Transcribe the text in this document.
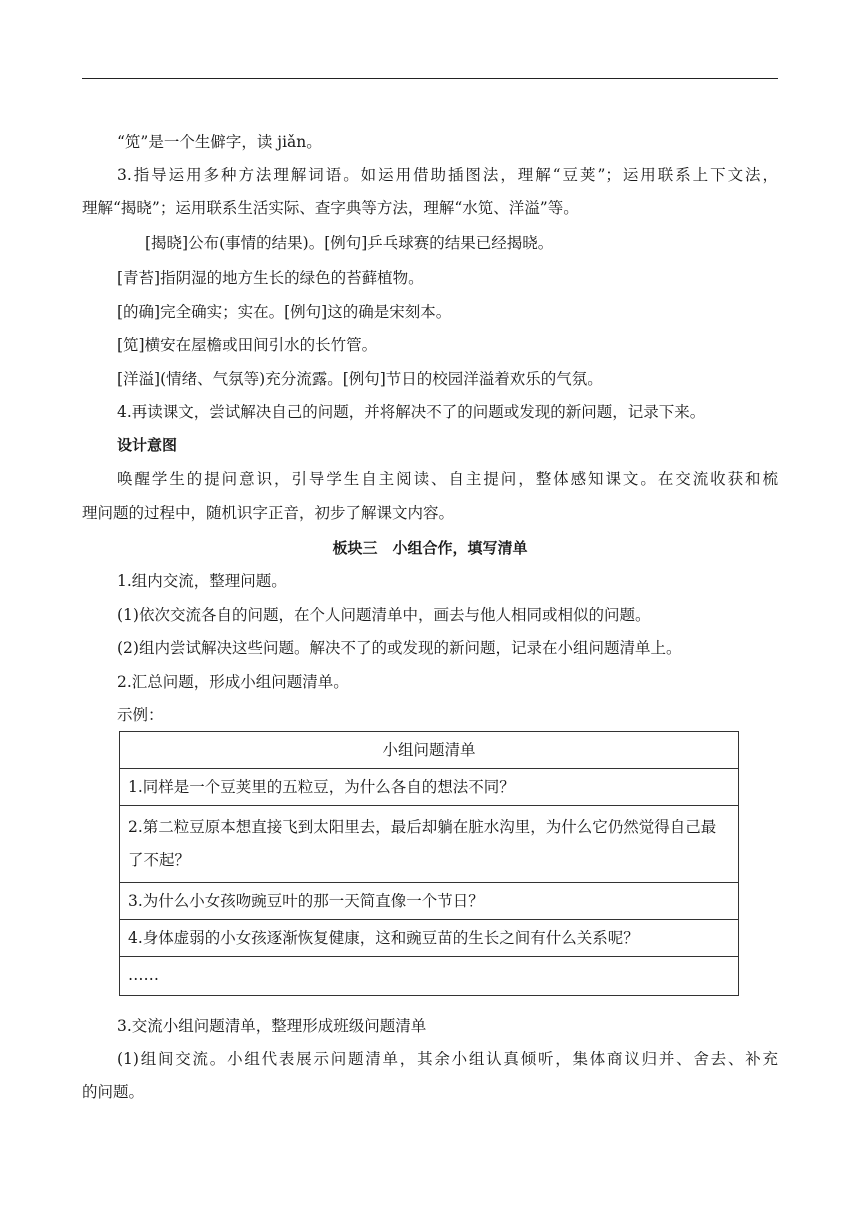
“笕”是一个生僻字，读 jiǎn。
3.指导运用多种方法理解词语。如运用借助插图法，理解“豆荚”；运用联系上下文法，
理解“揭晓”；运用联系生活实际、查字典等方法，理解“水笕、洋溢”等。
[揭晓]公布(事情的结果)。[例句]乒乓球赛的结果已经揭晓。
[青苔]指阴湿的地方生长的绿色的苔藓植物。
[的确]完全确实；实在。[例句]这的确是宋刻本。
[笕]横安在屋檐或田间引水的长竹管。
[洋溢](情绪、气氛等)充分流露。[例句]节日的校园洋溢着欢乐的气氛。
4.再读课文，尝试解决自己的问题，并将解决不了的问题或发现的新问题，记录下来。
设计意图
唤醒学生的提问意识，引导学生自主阅读、自主提问，整体感知课文。在交流收获和梳
理问题的过程中，随机识字正音，初步了解课文内容。
板块三　小组合作，填写清单
1.组内交流，整理问题。
(1)依次交流各自的问题，在个人问题清单中，画去与他人相同或相似的问题。
(2)组内尝试解决这些问题。解决不了的或发现的新问题，记录在小组问题清单上。
2.汇总问题，形成小组问题清单。
示例：
小组问题清单
1.同样是一个豆荚里的五粒豆，为什么各自的想法不同？
2.第二粒豆原本想直接飞到太阳里去，最后却躺在脏水沟里，为什么它仍然觉得自己最了不起？
3.为什么小女孩吻豌豆叶的那一天简直像一个节日？
4.身体虚弱的小女孩逐渐恢复健康，这和豌豆苗的生长之间有什么关系呢？
……
3.交流小组问题清单，整理形成班级问题清单
(1)组间交流。小组代表展示问题清单，其余小组认真倾听，集体商议归并、舍去、补充
的问题。
